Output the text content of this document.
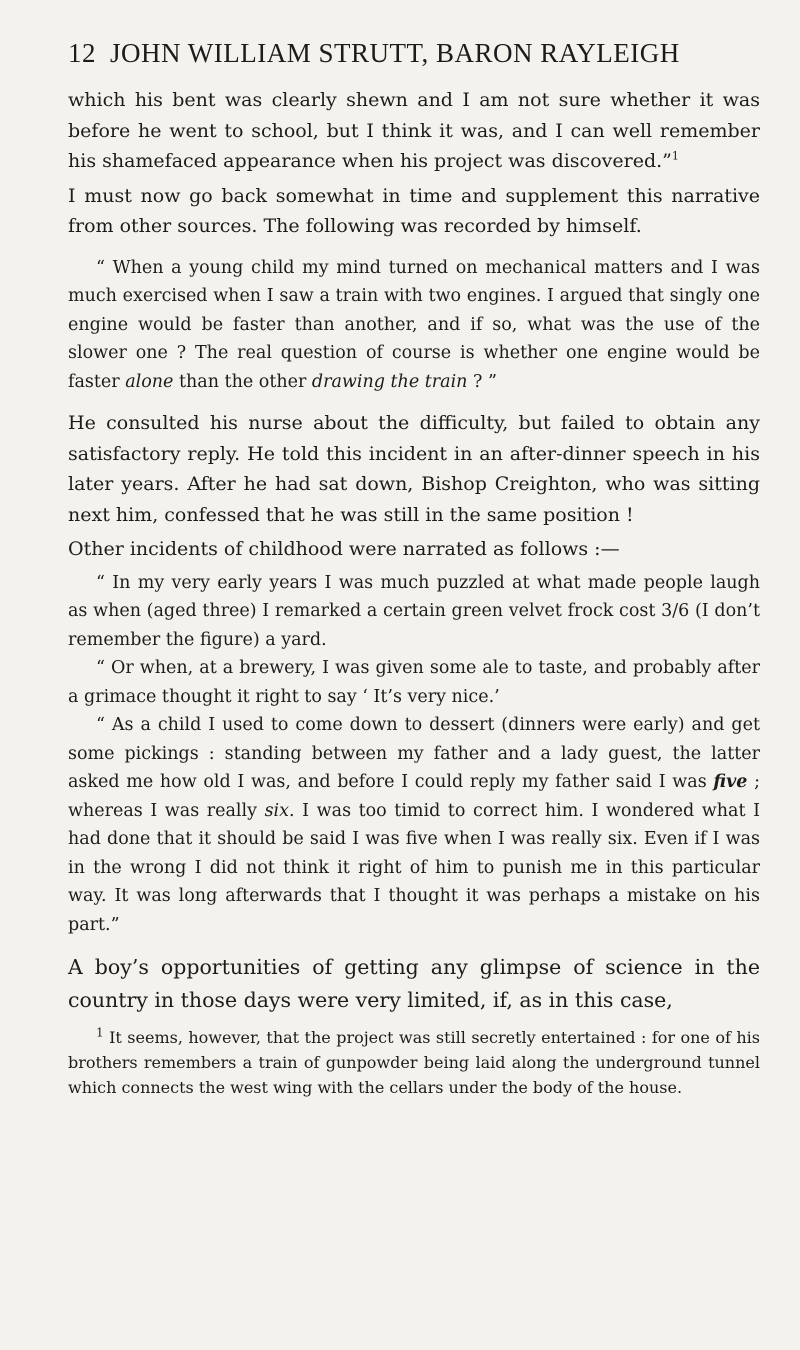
12 JOHN WILLIAM STRUTT, BARON RAYLEIGH

which his bent was clearly shewn and I am not sure whether it was before he went to school, but I think it was, and I can well remember his shamefaced appearance when his project was discovered.”$^1$

I must now go back somewhat in time and supplement this narrative from other sources. The following was recorded by himself.

“ When a young child my mind turned on mechanical matters and I was much exercised when I saw a train with two engines. I argued that singly one engine would be faster than another, and if so, what was the use of the slower one ? The real question of course is whether one engine would be faster alone than the other drawing the train ? ”

He consulted his nurse about the difficulty, but failed to obtain any satisfactory reply. He told this incident in an after-dinner speech in his later years. After he had sat down, Bishop Creighton, who was sitting next him, confessed that he was still in the same position !

Other incidents of childhood were narrated as follows :—

“ In my very early years I was much puzzled at what made people laugh as when (aged three) I remarked a certain green velvet frock cost 3/6 (I don’t remember the figure) a yard.

“ Or when, at a brewery, I was given some ale to taste, and probably after a grimace thought it right to say ‘ It’s very nice.’

“ As a child I used to come down to dessert (dinners were early) and get some pickings : standing between my father and a lady guest, the latter asked me how old I was, and before I could reply my father said I was five ; whereas I was really six. I was too timid to correct him. I wondered what I had done that it should be said I was five when I was really six. Even if I was in the wrong I did not think it right of him to punish me in this particular way. It was long afterwards that I thought it was perhaps a mistake on his part.”

A boy’s opportunities of getting any glimpse of science in the country in those days were very limited, if, as in this case,

$^1$ It seems, however, that the project was still secretly entertained : for one of his brothers remembers a train of gunpowder being laid along the underground tunnel which connects the west wing with the cellars under the body of the house.
